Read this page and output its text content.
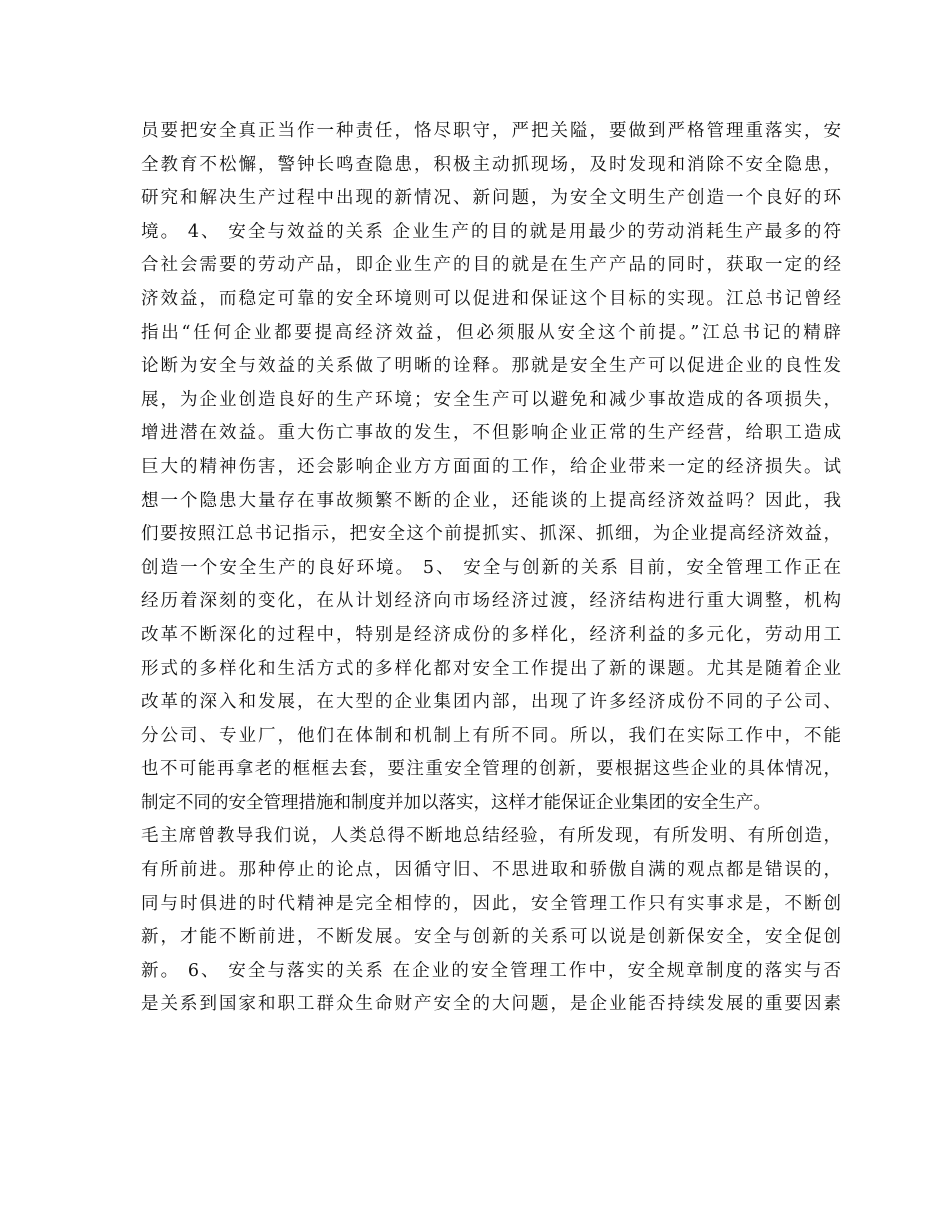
员要把安全真正当作一种责任，恪尽职守，严把关隘，要做到严格管理重落实，安
全教育不松懈，警钟长鸣查隐患，积极主动抓现场，及时发现和消除不安全隐患，
研究和解决生产过程中出现的新情况、新问题，为安全文明生产创造一个良好的环
境。 4、 安全与效益的关系 企业生产的目的就是用最少的劳动消耗生产最多的符
合社会需要的劳动产品，即企业生产的目的就是在生产产品的同时，获取一定的经
济效益，而稳定可靠的安全环境则可以促进和保证这个目标的实现。江总书记曾经
指出“任何企业都要提高经济效益，但必须服从安全这个前提。”江总书记的精辟
论断为安全与效益的关系做了明晰的诠释。那就是安全生产可以促进企业的良性发
展，为企业创造良好的生产环境；安全生产可以避免和减少事故造成的各项损失，
增进潜在效益。重大伤亡事故的发生，不但影响企业正常的生产经营，给职工造成
巨大的精神伤害，还会影响企业方方面面的工作，给企业带来一定的经济损失。试
想一个隐患大量存在事故频繁不断的企业，还能谈的上提高经济效益吗？因此，我
们要按照江总书记指示，把安全这个前提抓实、抓深、抓细，为企业提高经济效益，
创造一个安全生产的良好环境。 5、 安全与创新的关系 目前，安全管理工作正在
经历着深刻的变化，在从计划经济向市场经济过渡，经济结构进行重大调整，机构
改革不断深化的过程中，特别是经济成份的多样化，经济利益的多元化，劳动用工
形式的多样化和生活方式的多样化都对安全工作提出了新的课题。尤其是随着企业
改革的深入和发展，在大型的企业集团内部，出现了许多经济成份不同的子公司、
分公司、专业厂，他们在体制和机制上有所不同。所以，我们在实际工作中，不能
也不可能再拿老的框框去套，要注重安全管理的创新，要根据这些企业的具体情况，
制定不同的安全管理措施和制度并加以落实，这样才能保证企业集团的安全生产。
毛主席曾教导我们说，人类总得不断地总结经验，有所发现，有所发明、有所创造，
有所前进。那种停止的论点，因循守旧、不思进取和骄傲自满的观点都是错误的，
同与时俱进的时代精神是完全相悖的，因此，安全管理工作只有实事求是，不断创
新，才能不断前进，不断发展。安全与创新的关系可以说是创新保安全，安全促创
新。 6、 安全与落实的关系 在企业的安全管理工作中，安全规章制度的落实与否
是关系到国家和职工群众生命财产安全的大问题，是企业能否持续发展的重要因素
